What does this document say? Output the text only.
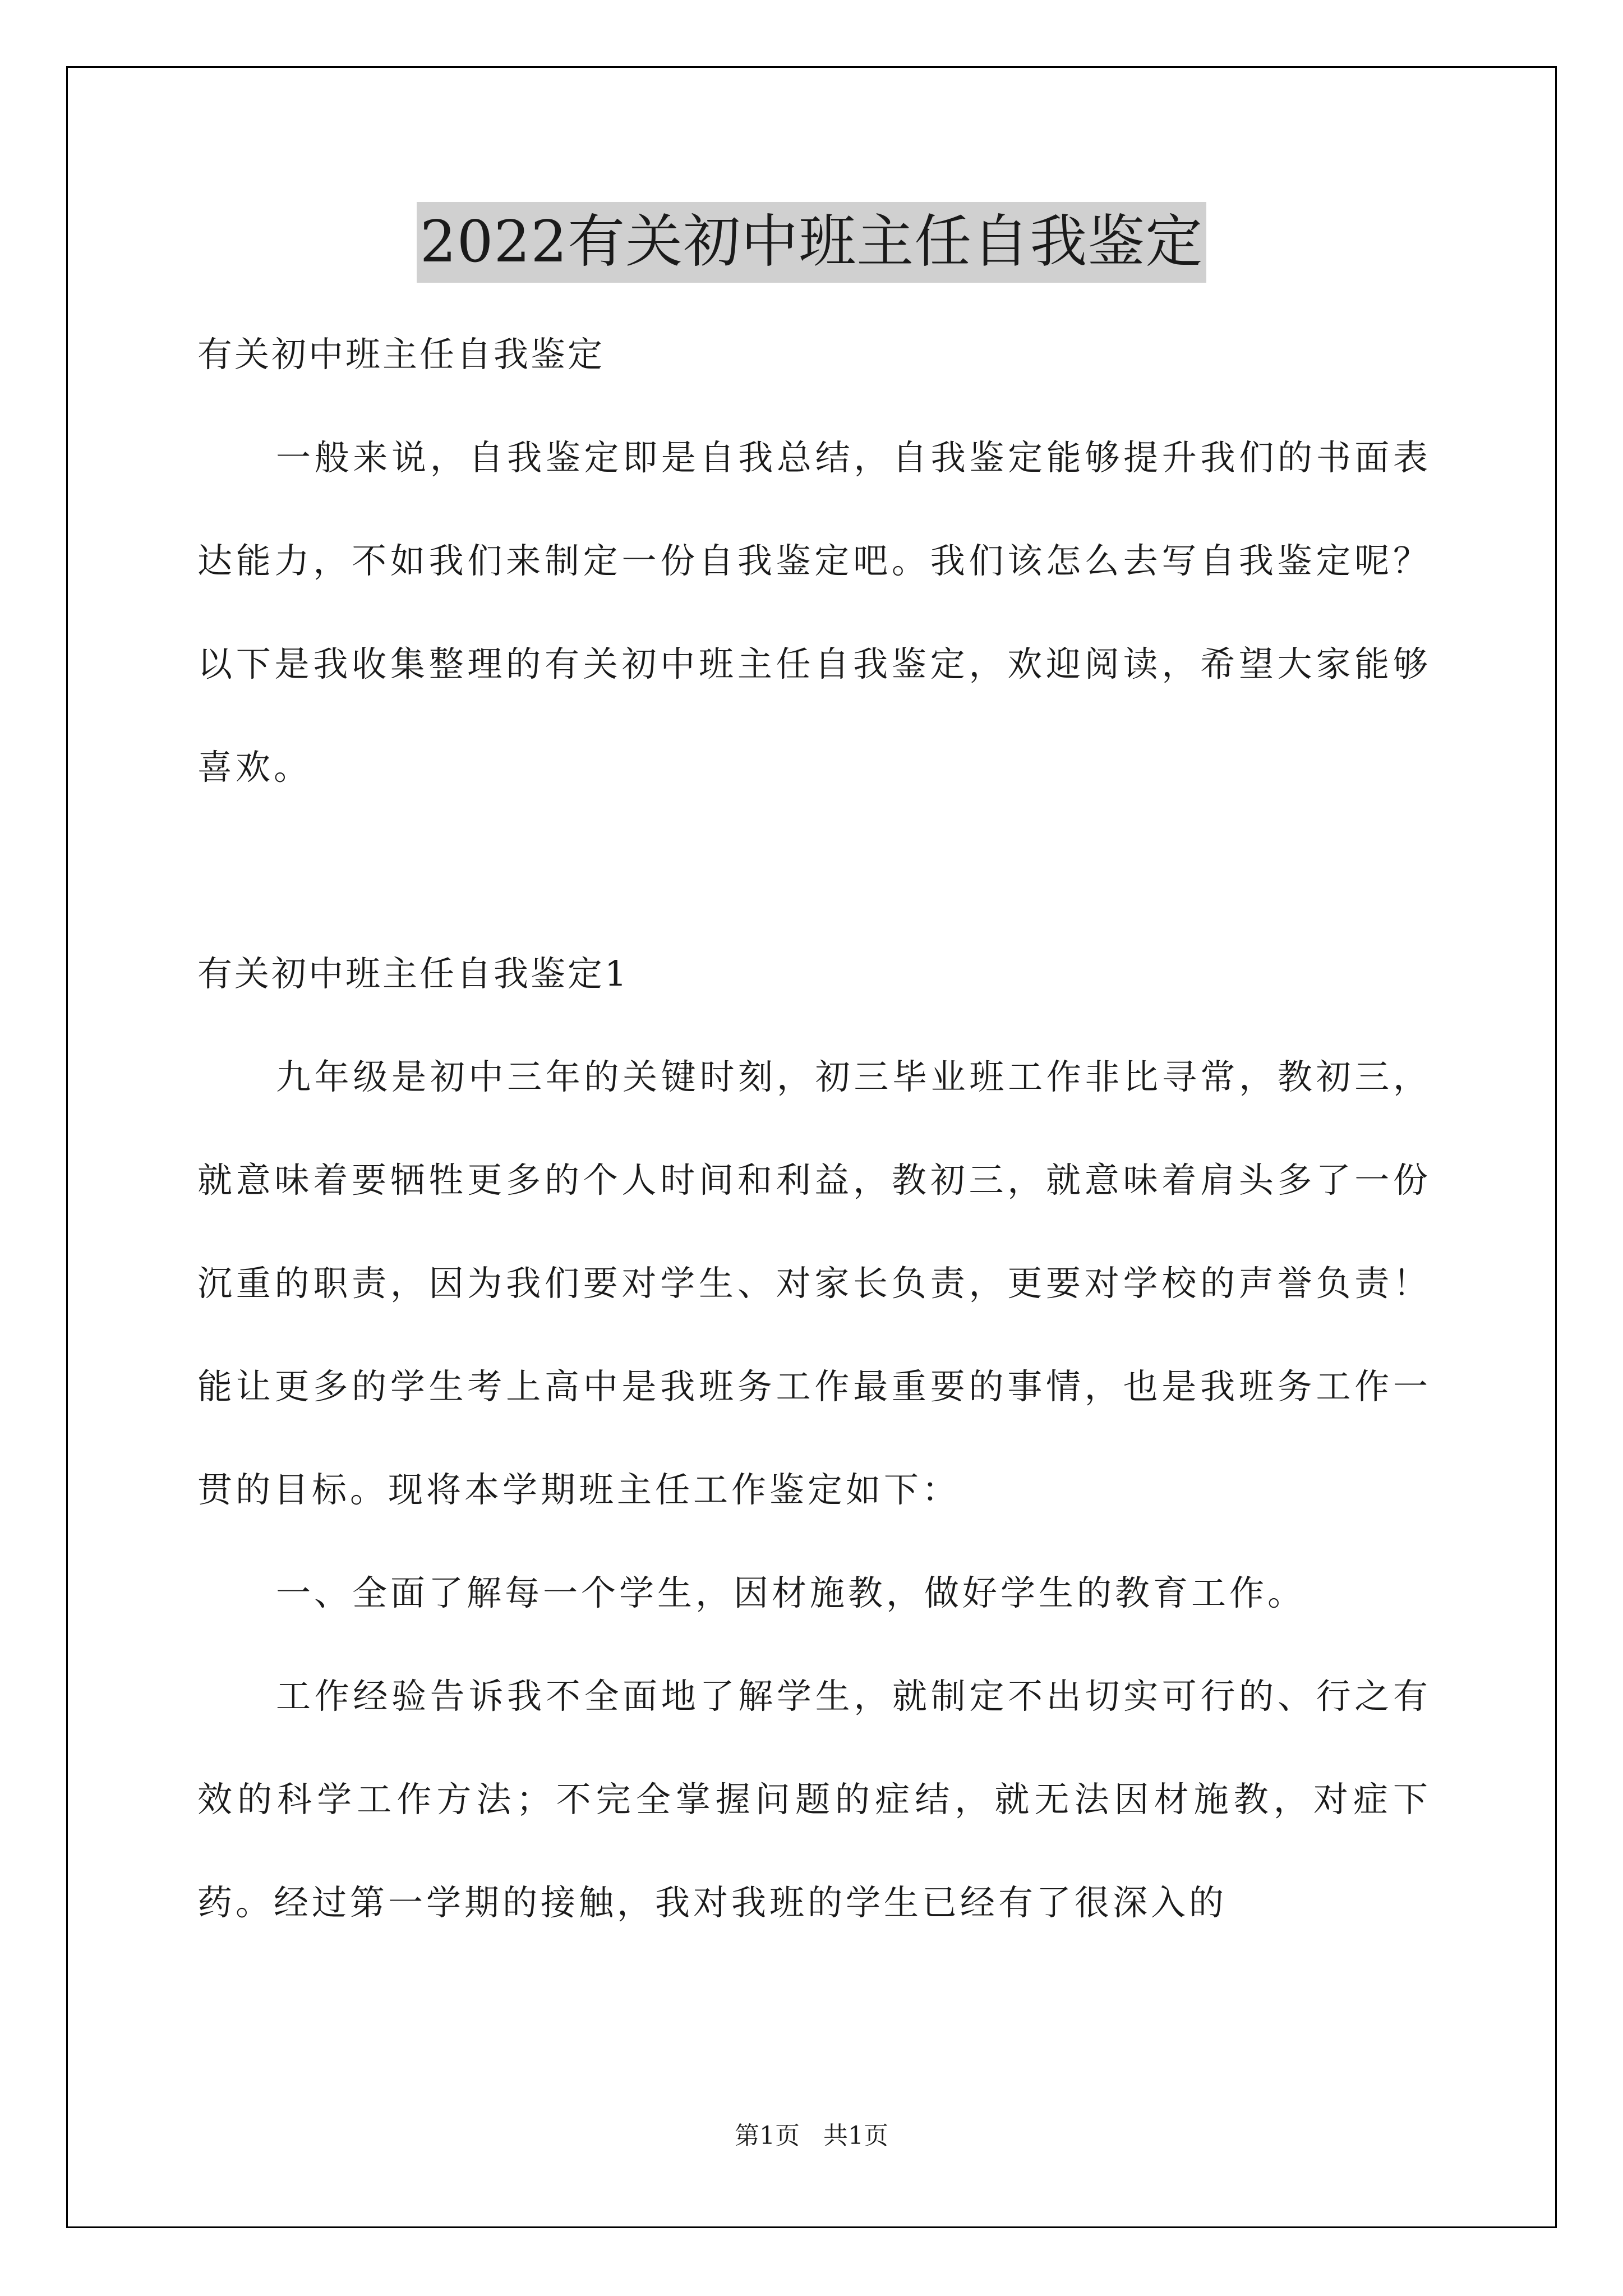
2022有关初中班主任自我鉴定

有关初中班主任自我鉴定

一般来说，自我鉴定即是自我总结，自我鉴定能够提升我们的书面表达能力，不如我们来制定一份自我鉴定吧。我们该怎么去写自我鉴定呢？以下是我收集整理的有关初中班主任自我鉴定，欢迎阅读，希望大家能够喜欢。

有关初中班主任自我鉴定1

九年级是初中三年的关键时刻，初三毕业班工作非比寻常，教初三，就意味着要牺牲更多的个人时间和利益，教初三，就意味着肩头多了一份沉重的职责，因为我们要对学生、对家长负责，更要对学校的声誉负责！能让更多的学生考上高中是我班务工作最重要的事情，也是我班务工作一贯的目标。现将本学期班主任工作鉴定如下：

一、全面了解每一个学生，因材施教，做好学生的教育工作。

工作经验告诉我不全面地了解学生，就制定不出切实可行的、行之有效的科学工作方法；不完全掌握问题的症结，就无法因材施教，对症下药。经过第一学期的接触，我对我班的学生已经有了很深入的

第1页   共1页
